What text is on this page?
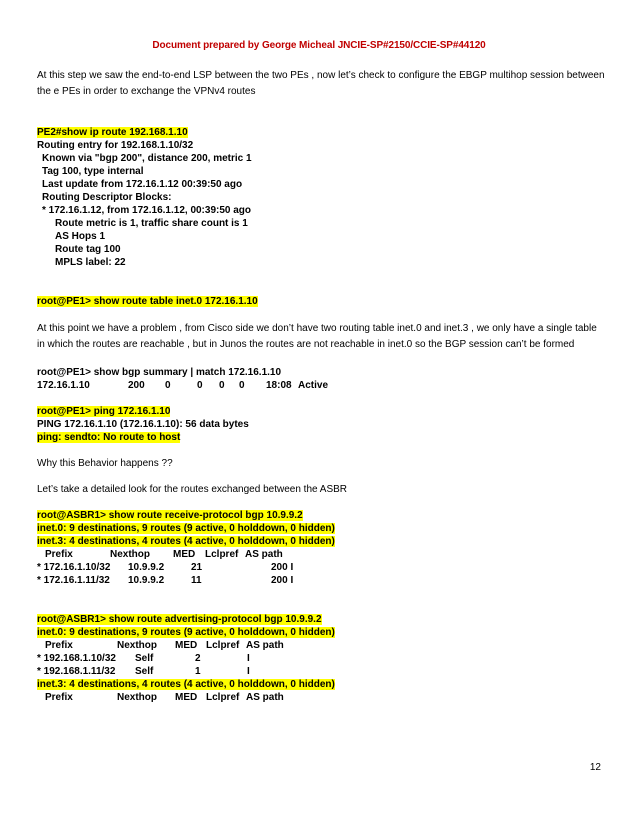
Document prepared by George Micheal JNCIE-SP#2150/CCIE-SP#44120

At this step we saw the end-to-end LSP between the two PEs , now let’s check to configure the EBGP multihop session between the e PEs in order to exchange the VPNv4 routes

PE2#show ip route 192.168.1.10
Routing entry for 192.168.1.10/32
Known via "bgp 200", distance 200, metric 1
Tag 100, type internal
Last update from 172.16.1.12 00:39:50 ago
Routing Descriptor Blocks:
* 172.16.1.12, from 172.16.1.12, 00:39:50 ago
Route metric is 1, traffic share count is 1
AS Hops 1
Route tag 100
MPLS label: 22
root@PE1> show route table inet.0 172.16.1.10

At this point we have a problem , from Cisco side we don’t have two routing table inet.0 and inet.3 , we only have a single table in which the routes are reachable , but in Junos the routes are not reachable in inet.0 so the BGP session can’t be formed

root@PE1> show bgp summary | match 172.16.1.10
172.16.1.10	200 0	0 0 0 18:08 Active
root@PE1> ping 172.16.1.10
PING 172.16.1.10 (172.16.1.10): 56 data bytes
ping: sendto: No route to host
Why this Behavior happens ??
Let’s take a detailed look for the routes exchanged between the ASBR
root@ASBR1> show route receive-protocol bgp 10.9.9.2
inet.0: 9 destinations, 9 routes (9 active, 0 holddown, 0 hidden)
inet.3: 4 destinations, 4 routes (4 active, 0 holddown, 0 hidden)
Prefix	Nexthop MED Lclpref AS path
* 172.16.1.10/32 10.9.9.2	21	200 I
* 172.16.1.11/32 10.9.9.2	11	200 I
root@ASBR1> show route advertising-protocol bgp 10.9.9.2
inet.0: 9 destinations, 9 routes (9 active, 0 holddown, 0 hidden)
Prefix	Nexthop MED Lclpref AS path
* 192.168.1.10/32 Self	2	I
* 192.168.1.11/32 Self	1	I
inet.3: 4 destinations, 4 routes (4 active, 0 holddown, 0 hidden)
Prefix	Nexthop MED Lclpref AS path
12
